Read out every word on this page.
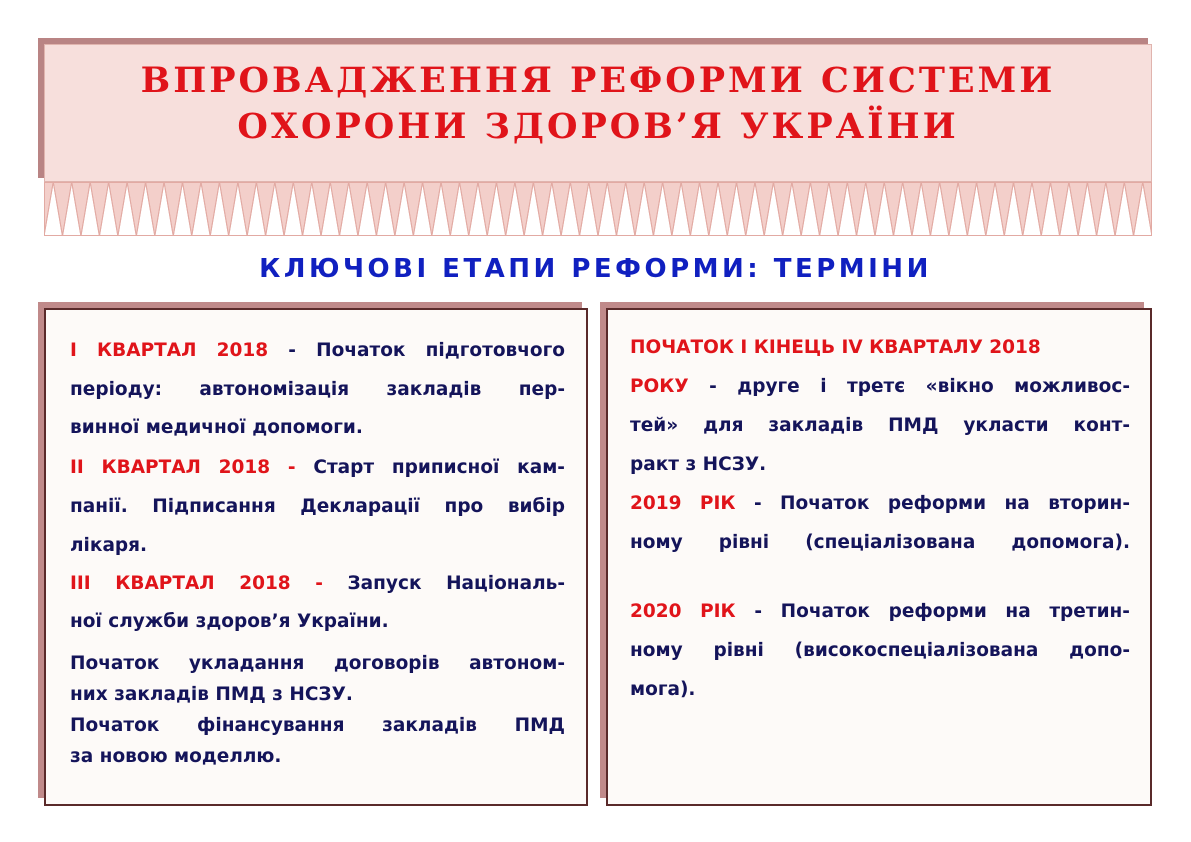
ВПРОВАДЖЕННЯ РЕФОРМИ СИСТЕМИ
ОХОРОНИ ЗДОРОВ’Я УКРАЇНИ
КЛЮЧОВІ ЕТАПИ РЕФОРМИ: ТЕРМІНИ
І КВАРТАЛ 2018 - Початок підготовчого
періоду: автономізація закладів пер-
винної медичної допомоги.
ІІ КВАРТАЛ 2018 - Старт приписної кам-
панії. Підписання Декларації про вибір
лікаря.
ІІІ КВАРТАЛ 2018 - Запуск Національ-
ної служби здоров’я України.
Початок укладання договорів автоном-
них закладів ПМД з НСЗУ.
Початок фінансування закладів ПМД
за новою моделлю.
ПОЧАТОК І КІНЕЦЬ IV КВАРТАЛУ 2018
РОКУ - друге і третє «вікно можливос-
тей» для закладів ПМД укласти конт-
ракт з НСЗУ.
2019 РІК - Початок реформи на вторин-
ному рівні (спеціалізована допомога).
2020 РІК - Початок реформи на третин-
ному рівні (високоспеціалізована допо-
мога).
